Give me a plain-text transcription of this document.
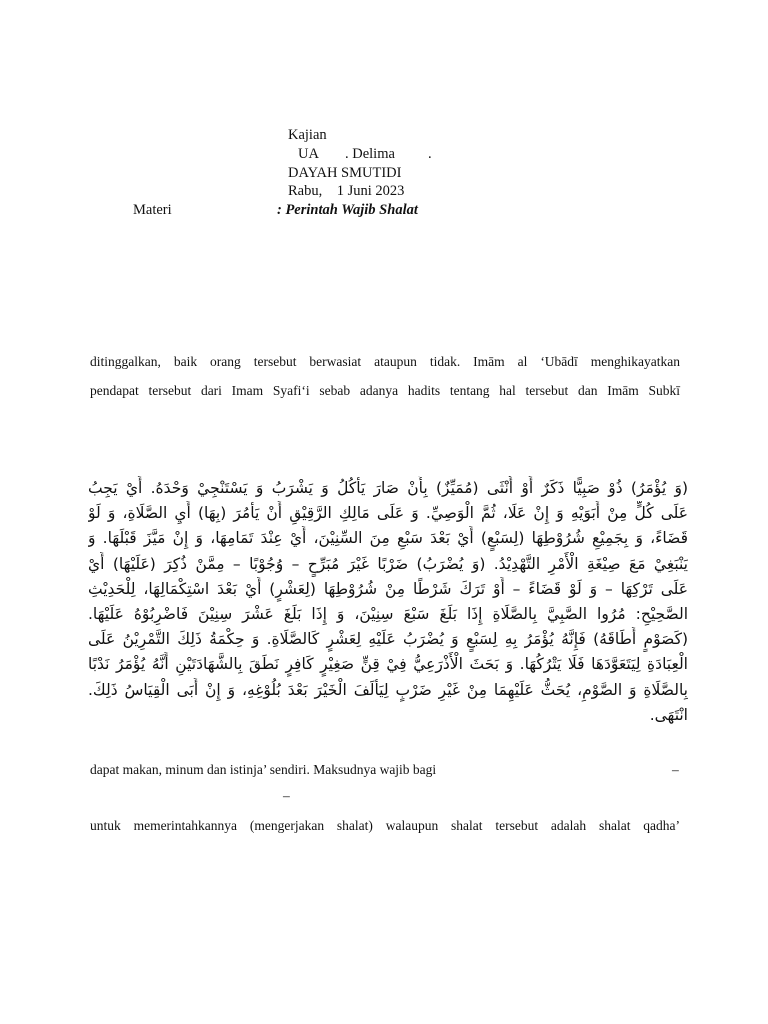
Kajian
UA . Delima .
DAYAH SMUTIDI
Rabu,    1 Juni 2023
Materi	: Perintah Wajib Shalat
ditinggalkan, baik orang tersebut berwasiat ataupun tidak. Imām al ‘Ubādī menghikayatkan
pendapat tersebut dari Imam Syafi‘i sebab adanya hadits tentang hal tersebut dan Imām Subkī

(وَ يُؤْمَرُ) ذُوْ صَبِيًّا ذَكَرٌ أَوْ أُنْثَى (مُمَيِّزٌ) بِأَنْ صَارَ يَأْكُلُ وَ يَشْرَبُ وَ يَسْتَنْجِيْ وَحْدَهُ. أَيْ يَجِبُ

عَلَى كُلٍّ مِنْ أَبَوَيْهِ وَ إِنْ عَلَا، ثُمَّ الْوَصِيِّ. وَ عَلَى مَالِكِ الرَّقِيْقِ أَنْ يَأْمُرَ (بِهَا) أَيِ الصَّلَاةِ، وَ لَوْ

قَضَاءً، وَ بِجَمِيْعِ شُرُوْطِهَا (لِسَبْعٍ) أَيْ بَعْدَ سَبْعِ مِنَ السِّنِيْنَ، أَيْ عِنْدَ تَمَامِهَا، وَ إِنْ مَيَّزَ قَبْلَهَا. وَ

يَنْبَغِيْ مَعَ صِيْغَةِ الْأَمْرِ التَّهْدِيْدُ. (وَ يُضْرَبُ) ضَرْبًا غَيْرَ مُبَرِّحٍ – وُجُوْبًا – مِمَّنْ ذُكِرَ (عَلَيْهَا) أَيْ

عَلَى تَرْكِهَا – وَ لَوْ قَضَاءً – أَوْ تَرَكَ شَرْطًا مِنْ شُرُوْطِهَا (لِعَشْرٍ) أَيْ بَعْدَ اسْتِكْمَالِهَا، لِلْحَدِيْثِ

الصَّحِيْحِ: مُرُوا الصَّبِيَّ بِالصَّلَاةِ إِذَا بَلَغَ سَبْعَ سِنِيْنَ، وَ إِذَا بَلَغَ عَشْرَ سِنِيْنَ فَاضْرِبُوْهُ عَلَيْهَا.

(كَصَوْمٍ أَطَاقَهُ) فَإِنَّهُ يُؤْمَرُ بِهِ لِسَبْعٍ وَ يُضْرَبُ عَلَيْهِ لِعَشْرٍ كَالصَّلَاةِ. وَ حِكْمَةُ ذَلِكَ التَّمْرِيْنُ عَلَى

الْعِبَادَةِ لِيَتَعَوَّدَهَا فَلَا يَتْرُكُهَا. وَ بَحَثَ الْأَذْرَعِيُّ فِيْ قِنٍّ صَغِيْرٍ كَافِرٍ نَطَقَ بِالشَّهَادَتَيْنِ أَنَّهُ يُؤْمَرُ نَدْبًا

بِالصَّلَاةِ وَ الصَّوْمِ، يُحَثُّ عَلَيْهِمَا مِنْ غَيْرِ ضَرْبٍ لِيَأْلَفَ الْخَيْرَ بَعْدَ بُلُوْغِهِ، وَ إِنْ أَبَى الْقِيَاسُ ذَلِكَ.

انْتَهَى.

dapat makan, minum dan istinja’ sendiri. Maksudnya wajib bagi	–
–
untuk memerintahkannya (mengerjakan shalat) walaupun shalat tersebut adalah shalat qadha’
